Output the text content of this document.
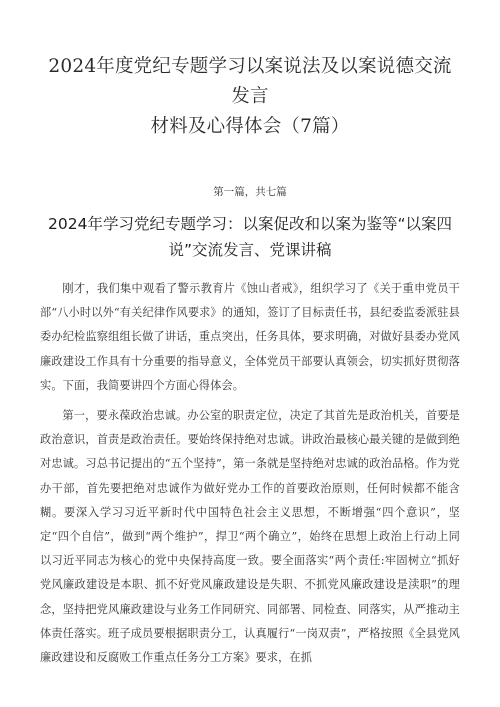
2024年度党纪专题学习以案说法及以案说德交流发言
材料及心得体会（7篇）
第一篇，共七篇
2024年学习党纪专题学习：以案促改和以案为鉴等“以案四
说”交流发言、党课讲稿

刚才，我们集中观看了警示教育片《蚀山者戒》，组织学习了《关于重申党员干部“八小时以外“有关纪律作风要求》的通知，签订了目标责任书，县纪委监委派驻县委办纪检监察组组长做了讲话，重点突出，任务具体，要求明确，对做好县委办党风廉政建设工作具有十分重要的指导意义，全体党员干部要认真领会，切实抓好贯彻落实。下面，我简要讲四个方面心得体会。

第一，要永葆政治忠诚。办公室的职责定位，决定了其首先是政治机关，首要是政治意识，首责是政治责任。要始终保持绝对忠诚。讲政治最核心最关键的是做到绝对忠诚。习总书记提出的“五个坚持”，第一条就是坚持绝对忠诚的政治品格。作为党办干部，首先要把绝对忠诚作为做好党办工作的首要政治原则，任何时候都不能含糊。要深入学习习近平新时代中国特色社会主义思想，不断增强“四个意识”，坚定“四个自信”，做到“两个维护”，捍卫“两个确立”，始终在思想上政治上行动上同以习近平同志为核心的党中央保持高度一致。要全面落实“两个责任:牢固树立“抓好党风廉政建设是本职、抓不好党风廉政建设是失职、不抓党风廉政建设是渎职”的理念，坚持把党风廉政建设与业务工作同研究、同部署、同检查、同落实，从严推动主体责任落实。班子成员要根据职责分工，认真履行“一岗双责”，严格按照《全县党风廉政建设和反腐败工作重点任务分工方案》要求，在抓
